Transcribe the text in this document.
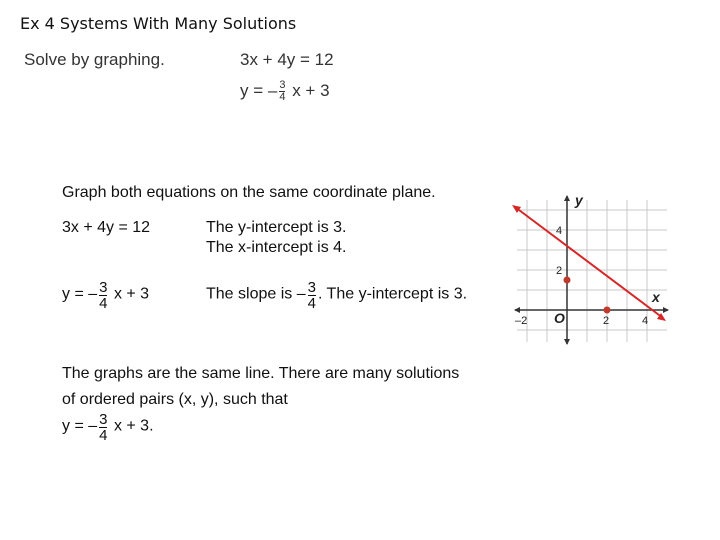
Ex 4 Systems With Many Solutions
Solve by graphing.	3x + 4y = 12
y = – $\frac{3}{4}$ x + 3
Graph both equations on the same coordinate plane.
3x + 4y = 12	The y-intercept is 3.
The x-intercept is 4.
y = – $\frac{3}{4}$ x + 3	The slope is – $\frac{3}{4}$ . The y-intercept is 3.
The graphs are the same line. There are many solutions
of ordered pairs (x, y), such that
y = – $\frac{3}{4}$ x + 3.
y
x
O
–2	2	4
2
4
